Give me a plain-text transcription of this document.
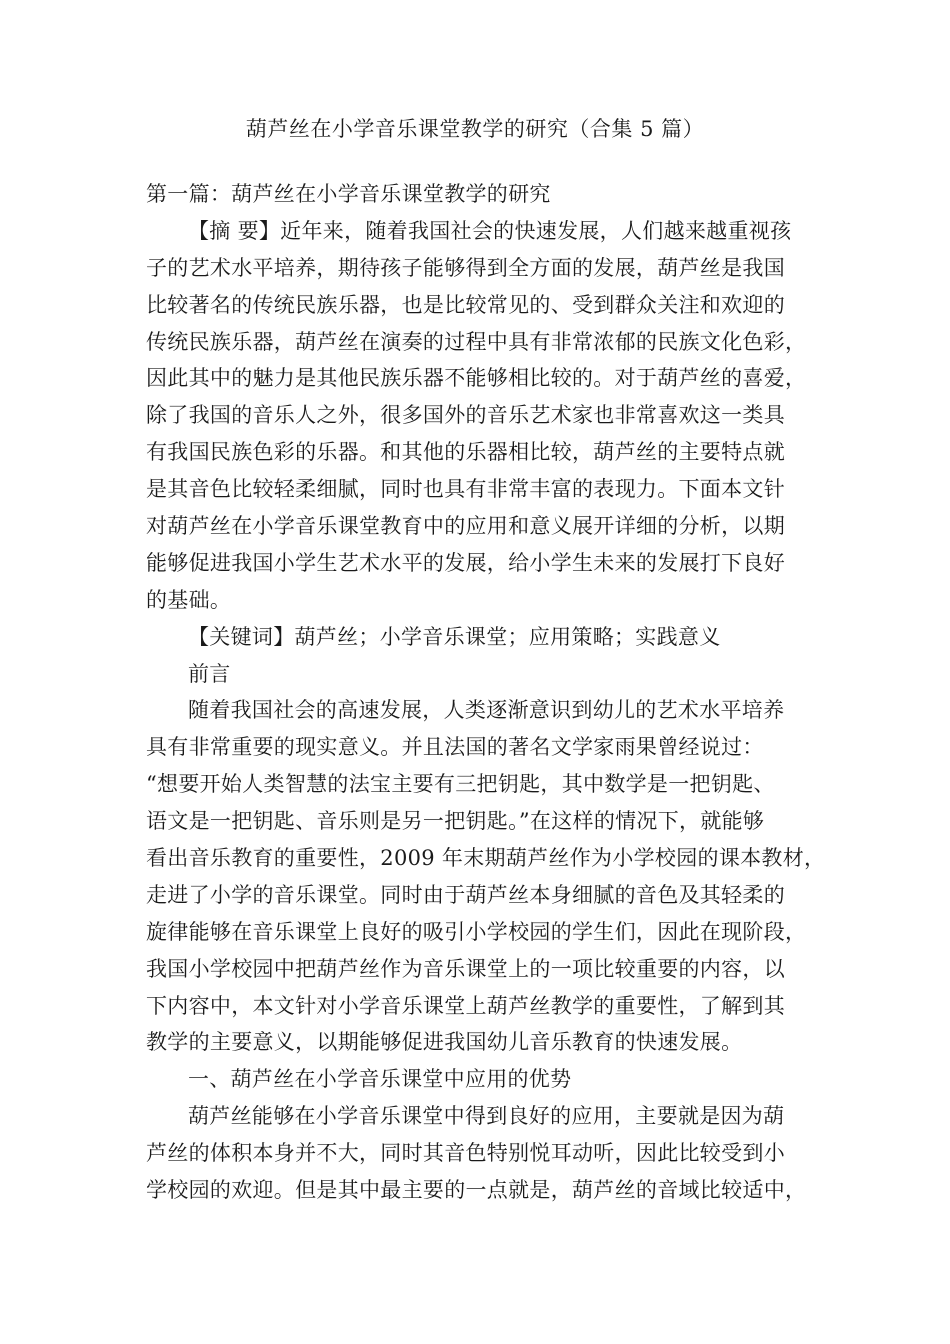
葫芦丝在小学音乐课堂教学的研究（合集 5 篇）

第一篇：葫芦丝在小学音乐课堂教学的研究

【摘 要】近年来，随着我国社会的快速发展，人们越来越重视孩

子的艺术水平培养，期待孩子能够得到全方面的发展，葫芦丝是我国

比较著名的传统民族乐器，也是比较常见的、受到群众关注和欢迎的

传统民族乐器，葫芦丝在演奏的过程中具有非常浓郁的民族文化色彩，

因此其中的魅力是其他民族乐器不能够相比较的。对于葫芦丝的喜爱，

除了我国的音乐人之外，很多国外的音乐艺术家也非常喜欢这一类具

有我国民族色彩的乐器。和其他的乐器相比较，葫芦丝的主要特点就

是其音色比较轻柔细腻，同时也具有非常丰富的表现力。下面本文针

对葫芦丝在小学音乐课堂教育中的应用和意义展开详细的分析，以期

能够促进我国小学生艺术水平的发展，给小学生未来的发展打下良好

的基础。

【关键词】葫芦丝；小学音乐课堂；应用策略；实践意义

前言

随着我国社会的高速发展，人类逐渐意识到幼儿的艺术水平培养

具有非常重要的现实意义。并且法国的著名文学家雨果曾经说过：

“想要开始人类智慧的法宝主要有三把钥匙，其中数学是一把钥匙、

语文是一把钥匙、音乐则是另一把钥匙。”在这样的情况下，就能够

看出音乐教育的重要性，2009 年末期葫芦丝作为小学校园的课本教材，

走进了小学的音乐课堂。同时由于葫芦丝本身细腻的音色及其轻柔的

旋律能够在音乐课堂上良好的吸引小学校园的学生们，因此在现阶段，

我国小学校园中把葫芦丝作为音乐课堂上的一项比较重要的内容，以

下内容中，本文针对小学音乐课堂上葫芦丝教学的重要性，了解到其

教学的主要意义，以期能够促进我国幼儿音乐教育的快速发展。

一、葫芦丝在小学音乐课堂中应用的优势

葫芦丝能够在小学音乐课堂中得到良好的应用，主要就是因为葫

芦丝的体积本身并不大，同时其音色特别悦耳动听，因此比较受到小

学校园的欢迎。但是其中最主要的一点就是，葫芦丝的音域比较适中，
